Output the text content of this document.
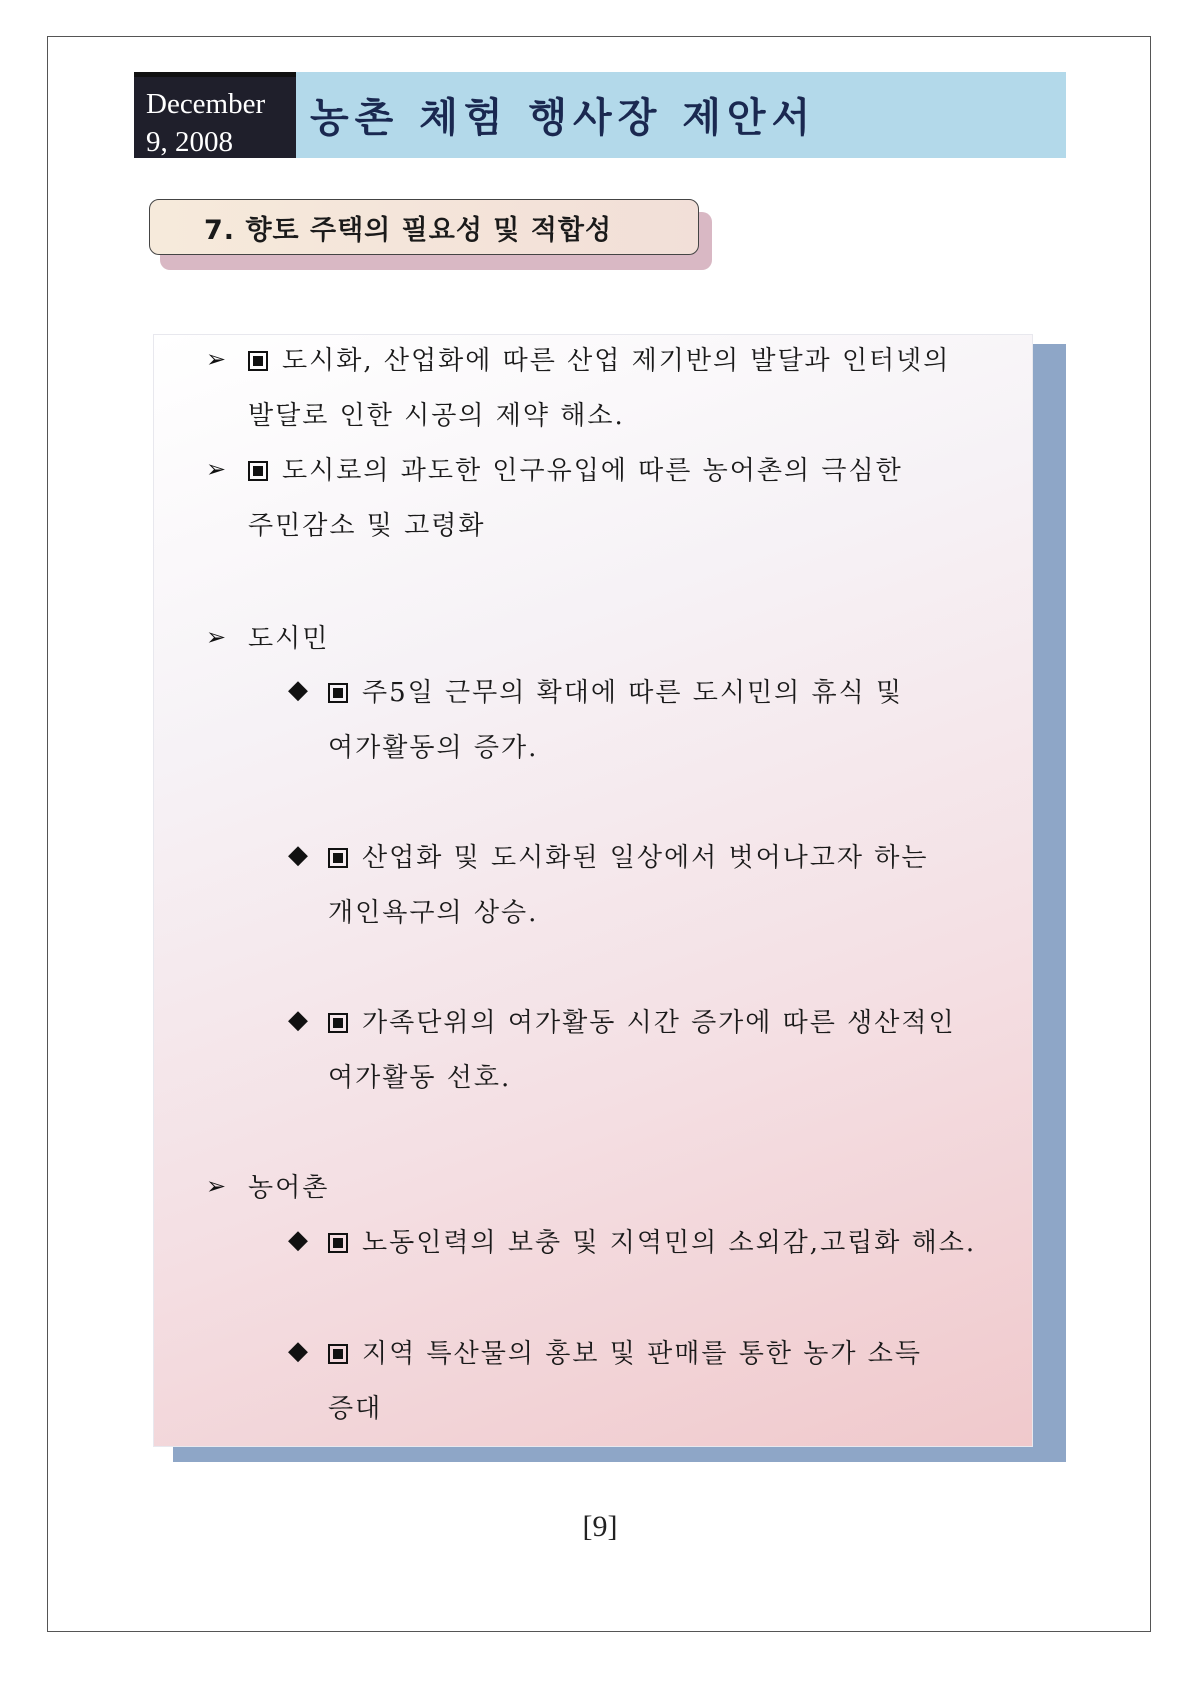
December
9, 2008
농촌 체험 행사장 제안서
7. 향토 주택의 필요성 및 적합성
➢	도시화, 산업화에 따른 산업 제기반의 발달과 인터넷의
발달로 인한 시공의 제약 해소.
➢	도시로의 과도한 인구유입에 따른 농어촌의 극심한
주민감소 및 고령화
➢ 도시민
◆	주5일 근무의 확대에 따른 도시민의 휴식 및
여가활동의 증가.
◆	산업화 및 도시화된 일상에서 벗어나고자 하는
개인욕구의 상승.
◆	가족단위의 여가활동 시간 증가에 따른 생산적인
여가활동 선호.
➢ 농어촌
◆	노동인력의 보충 및 지역민의 소외감,고립화 해소.
◆	지역 특산물의 홍보 및 판매를 통한 농가 소득
증대
[9]
